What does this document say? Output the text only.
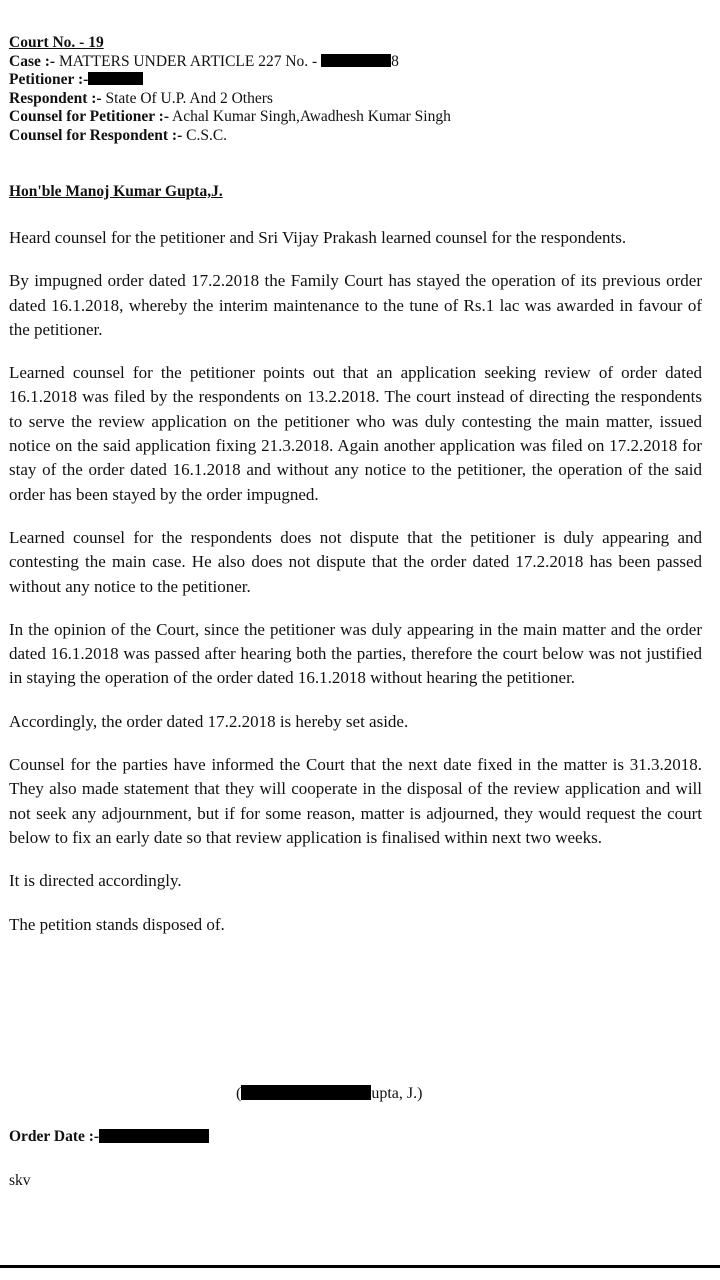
Court No. - 19
Case :- MATTERS UNDER ARTICLE 227 No. -	8
Petitioner :-
Respondent :- State Of U.P. And 2 Others
Counsel for Petitioner :- Achal Kumar Singh,Awadhesh Kumar Singh
Counsel for Respondent :- C.S.C.
Hon'ble Manoj Kumar Gupta,J.

Heard counsel for the petitioner and Sri Vijay Prakash learned counsel for the respondents.

By impugned order dated 17.2.2018 the Family Court has stayed the operation of its previous order dated 16.1.2018, whereby the interim maintenance to the tune of Rs.1 lac was awarded in favour of the petitioner.

Learned counsel for the petitioner points out that an application seeking review of order dated 16.1.2018 was filed by the respondents on 13.2.2018. The court instead of directing the respondents to serve the review application on the petitioner who was duly contesting the main matter, issued notice on the said application fixing 21.3.2018. Again another application was filed on 17.2.2018 for stay of the order dated 16.1.2018 and without any notice to the petitioner, the operation of the said order has been stayed by the order impugned.

Learned counsel for the respondents does not dispute that the petitioner is duly appearing and contesting the main case. He also does not dispute that the order dated 17.2.2018 has been passed without any notice to the petitioner.

In the opinion of the Court, since the petitioner was duly appearing in the main matter and the order dated 16.1.2018 was passed after hearing both the parties, therefore the court below was not justified in staying the operation of the order dated 16.1.2018 without hearing the petitioner.

Accordingly, the order dated 17.2.2018 is hereby set aside.

Counsel for the parties have informed the Court that the next date fixed in the matter is 31.3.2018. They also made statement that they will cooperate in the disposal of the review application and will not seek any adjournment, but if for some reason, matter is adjourned, they would request the court below to fix an early date so that review application is finalised within next two weeks.

It is directed accordingly.

The petition stands disposed of.

(	upta, J.)
Order Date :-
skv
